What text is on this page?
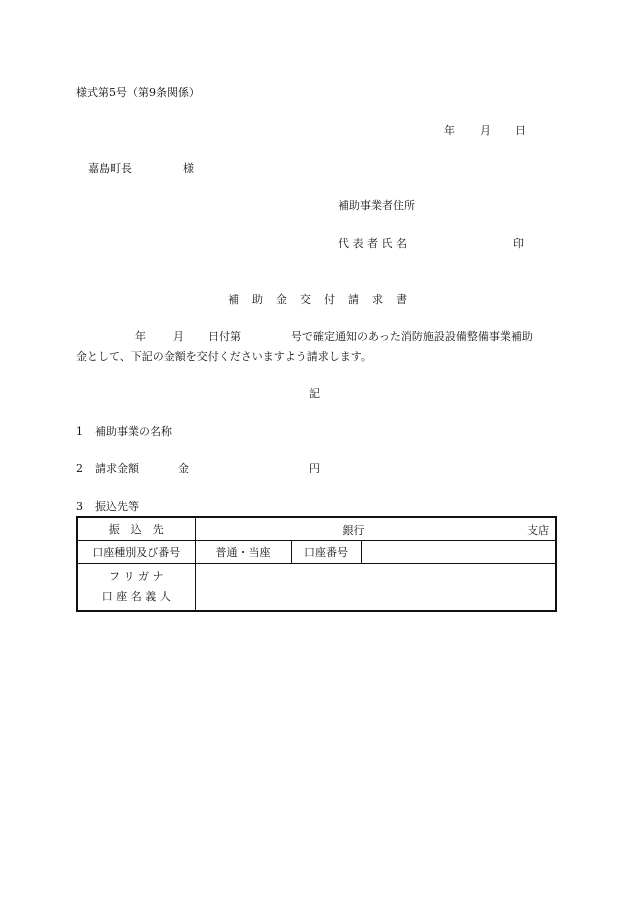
様式第5号（第9条関係）
年 月 日
嘉島町長	様
補助事業者住所
代 表 者 氏 名	印
補助金交付請求書
年 月 日付第	号で確定通知のあった消防施設設備整備事業補助
金として、下記の金額を交付くださいますよう請求します。
記
1 補助事業の名称
2 請求金額	金	円
3 振込先等
振　込　先	銀行 支店		

口座種別及び番号	普通・当座	口座番号	

フ リ ガ ナ
口 座 名 義 人			
